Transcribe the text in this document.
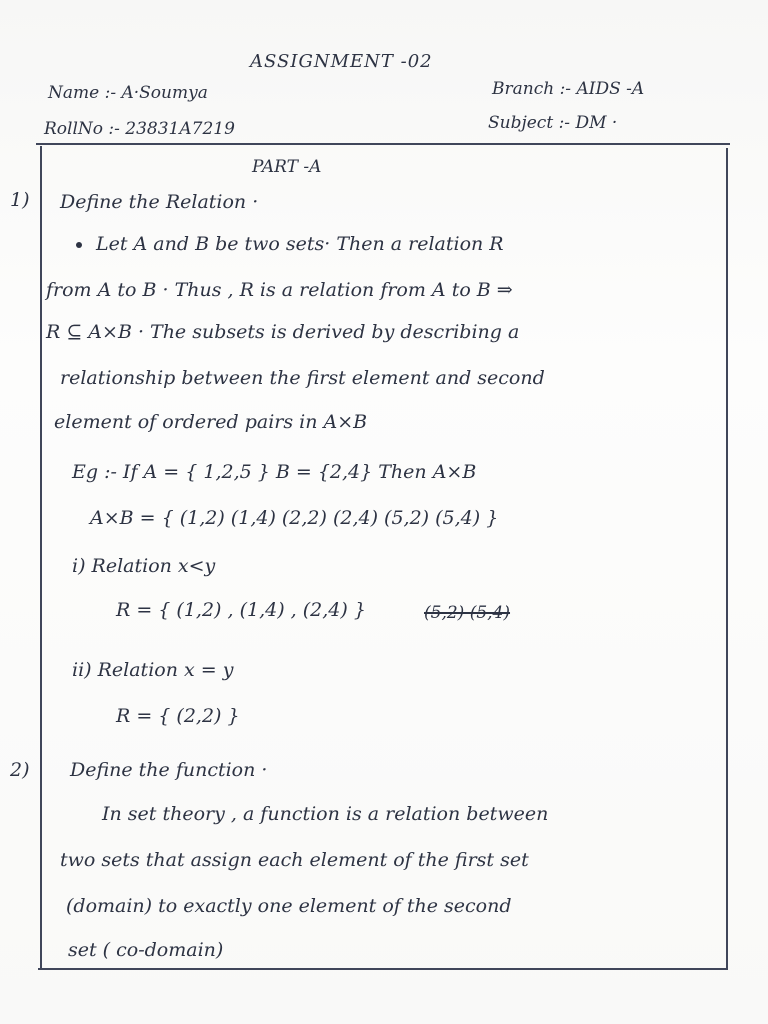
ASSIGNMENT -02
Name :- A·Soumya	Branch :- AIDS -A
RollNo :- 23831A7219	Subject :- DM ·
PART -A
1) Define the Relation ·
Let A and B be two sets· Then a relation R
from A to B · Thus , R is a relation from A to B ⇒
R ⊆ A×B · The subsets is derived by describing a
relationship between the first element and second
element of ordered pairs in A×B
Eg :- If A = { 1,2,5 } B = {2,4} Then A×B
A×B = { (1,2) (1,4) (2,2) (2,4) (5,2) (5,4) }
i) Relation x<y
R = { (1,2) , (1,4) , (2,4) }	(5,2) (5,4)
ii) Relation x = y
R = { (2,2) }
2) Define the function ·
In set theory , a function is a relation between
two sets that assign each element of the first set
(domain) to exactly one element of the second
set ( co-domain)
